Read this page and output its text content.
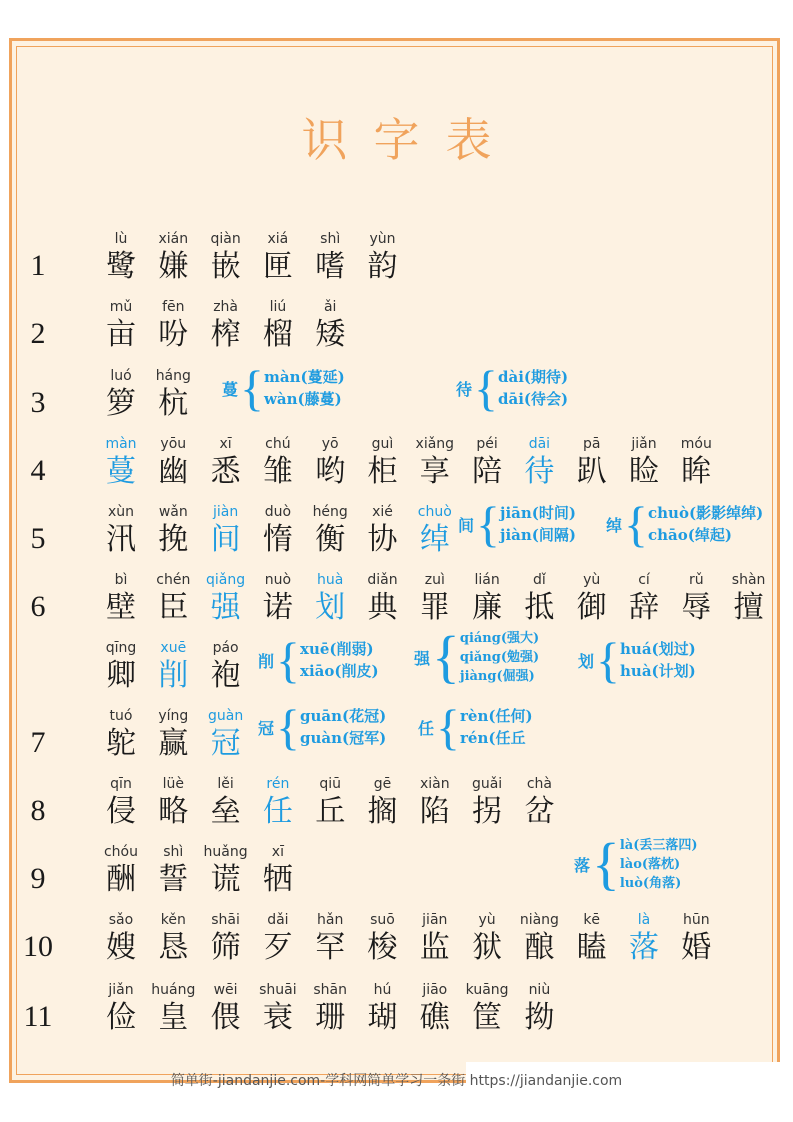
识字表
1
lù
鹭
xián
嫌
qiàn
嵌
xiá
匣
shì
嗜
yùn
韵
2
mǔ
亩
fēn
吩
zhà
榨
liú
榴
ǎi
矮
3
luó
箩
háng
杭
4
màn
蔓
yōu
幽
xī
悉
chú
雏
yō
哟
guì
柜
xiǎng
享
péi
陪
dāi
待
pā
趴
jiǎn
睑
móu
眸
5
xùn
汛
wǎn
挽
jiàn
间
duò
惰
héng
衡
xié
协
chuò
绰
6
bì
壁
chén
臣
qiǎng
强
nuò
诺
huà
划
diǎn
典
zuì
罪
lián
廉
dǐ
抵
yù
御
cí
辞
rǔ
辱
shàn
擅
qīng
卿
xuē
削
páo
袍
7
tuó
鸵
yíng
赢
guàn
冠
8
qīn
侵
lüè
略
lěi
垒
rén
任
qiū
丘
gē
搁
xiàn
陷
guǎi
拐
chà
岔
9
chóu
酬
shì
誓
huǎng
谎
xī
牺
10
sǎo
嫂
kěn
恳
shāi
筛
dǎi
歹
hǎn
罕
suō
梭
jiān
监
yù
狱
niàng
酿
kē
瞌
là
落
hūn
婚
11
jiǎn
俭
huáng
皇
wēi
偎
shuāi
衰
shān
珊
hú
瑚
jiāo
礁
kuāng
筐
niù
拗
蔓 { màn(蔓延)
wàn(藤蔓)
待 { dài(期待)
dāi(待会)
间 { jiān(时间)
jiàn(间隔)
绰 { chuò(影影绰绰)
chāo(绰起)
削 { xuē(削弱)
xiāo(削皮)
强 { qiáng(强大)
qiǎng(勉强)
jiàng(倔强)
划 { huá(划过)
huà(计划)
冠 { guān(花冠)
guàn(冠军)
任 { rèn(任何)
rén(任丘
落 { là(丢三落四)
lào(落枕)
luò(角落)
简单街-jiandanjie.com-学科网简单学习一条街 https://jiandanjie.com
